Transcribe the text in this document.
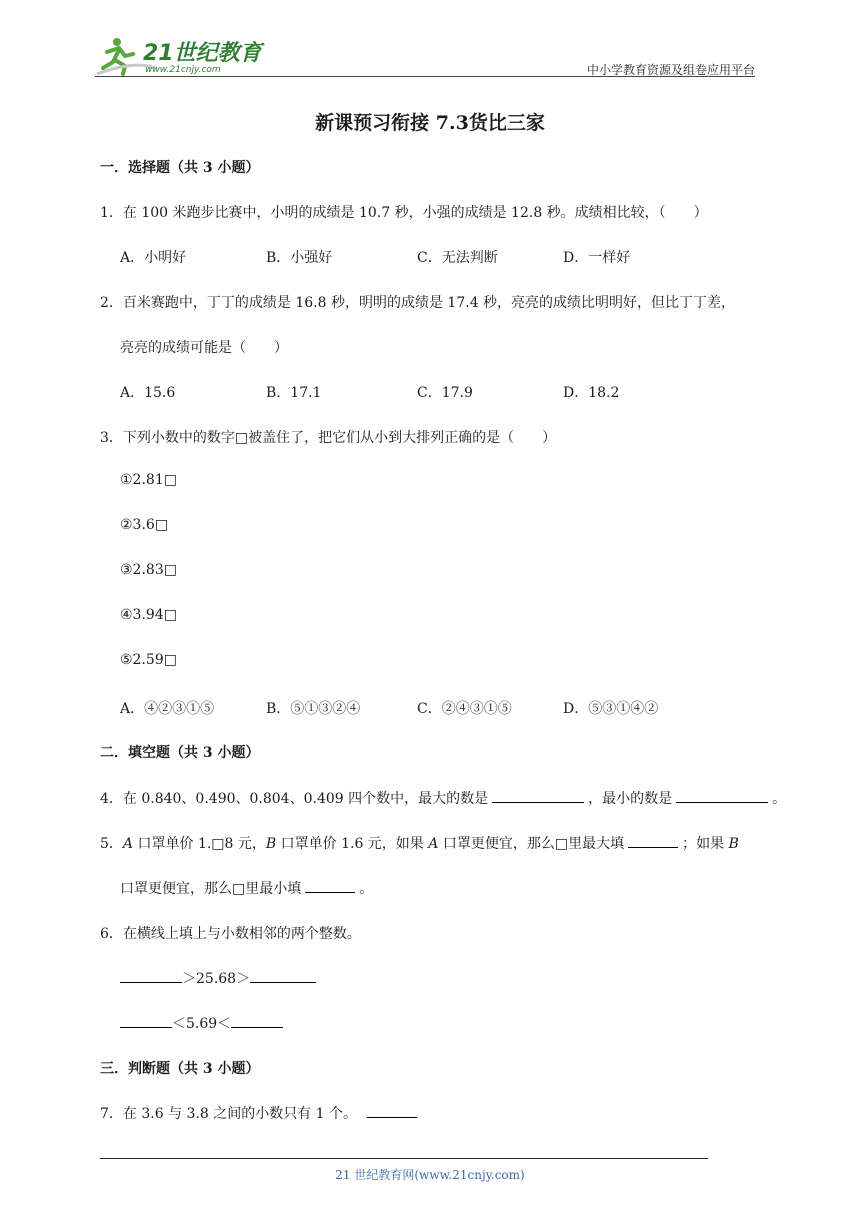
21世纪教育
www.21cnjy.com	中小学教育资源及组卷应用平台
新课预习衔接 7.3货比三家
一．选择题（共 3 小题）
1．在 100 米跑步比赛中，小明的成绩是 10.7 秒，小强的成绩是 12.8 秒。成绩相比较，（　　）
A．小明好	B．小强好	C．无法判断	D．一样好
2．百米赛跑中，丁丁的成绩是 16.8 秒，明明的成绩是 17.4 秒，亮亮的成绩比明明好，但比丁丁差，
亮亮的成绩可能是（　　）
A．15.6	B．17.1	C．17.9	D．18.2
3．下列小数中的数字□被盖住了，把它们从小到大排列正确的是（　　）
①2.81□
②3.6□
③2.83□
④3.94□
⑤2.59□
A．④②③①⑤	B．⑤①③②④	C．②④③①⑤	D．⑤③①④②
二．填空题（共 3 小题）
4．在 0.840、0.490、0.804、0.409 四个数中，最大的数是	，最小的数是	。
5．A 口罩单价 1.□8 元，B 口罩单价 1.6 元，如果 A 口罩更便宜，那么□里最大填	；如果 B
口罩更便宜，那么□里最小填	。
6．在横线上填上与小数相邻的两个整数。
＞25.68＞
＜5.69＜
三．判断题（共 3 小题）
7．在 3.6 与 3.8 之间的小数只有 1 个。
21 世纪教育网(www.21cnjy.com)
